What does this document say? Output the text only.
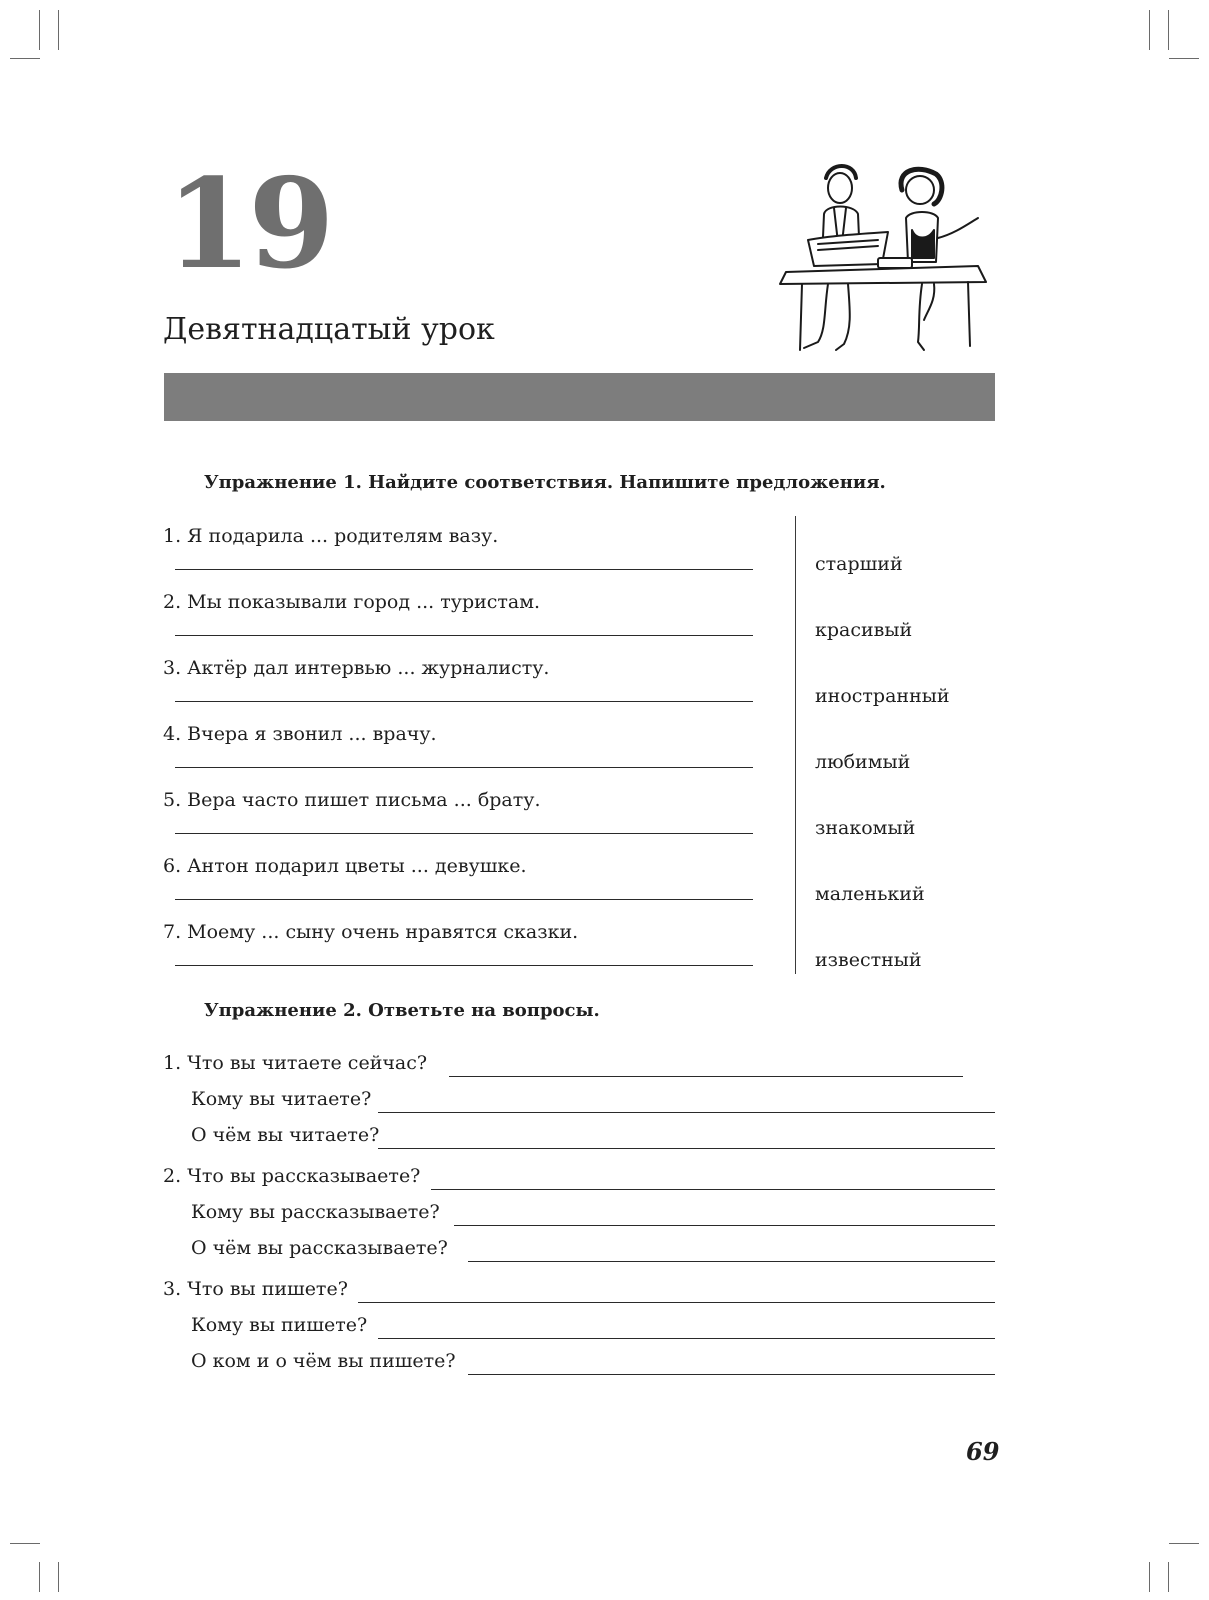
19
Девятнадцатый урок
Упражнение 1. Найдите соответствия. Напишите предложения.
1. Я подарила ... родителям вазу.
2. Мы показывали город ... туристам.
3. Актёр дал интервью ... журналисту.
4. Вчера я звонил ... врачу.
5. Вера часто пишет письма ... брату.
6. Антон подарил цветы ... девушке.
7. Моему ... сыну очень нравятся сказки.
старший
красивый
иностранный
любимый
знакомый
маленький
известный
Упражнение 2. Ответьте на вопросы.
1. Что вы читаете сейчас?
Кому вы читаете?
О чём вы читаете?
2. Что вы рассказываете?
Кому вы рассказываете?
О чём вы рассказываете?
3. Что вы пишете?
Кому вы пишете?
О ком и о чём вы пишете?
69
